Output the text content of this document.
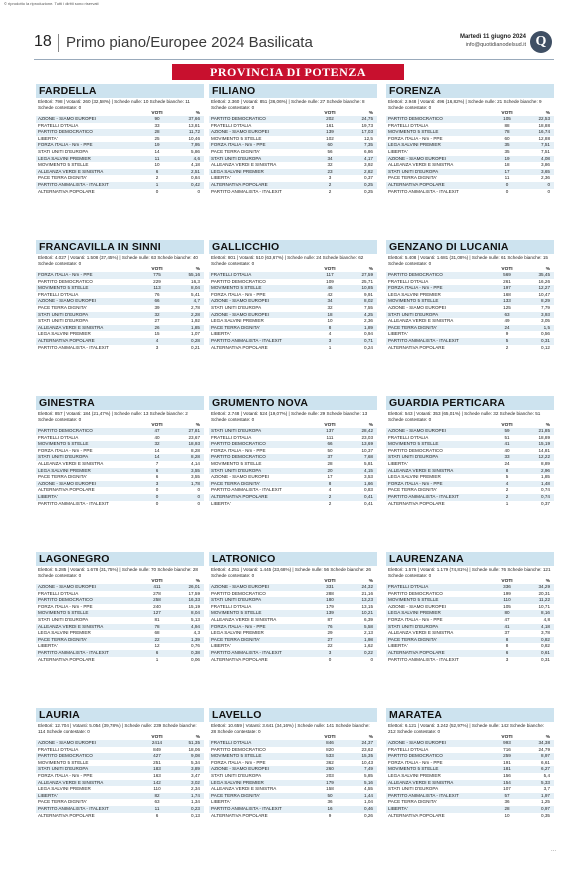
© riprodotto la riproduzione. Tutti i diritti sono riservati
18 Primo piano/Europee 2024 Basilicata	Martedì 11 giugno 2024
info@quotidianodelsud.it Q
PROVINCIA DI POTENZA
FARDELLA
Elettori: 798 | Votanti: 260 (32,58%) | Schede nulle: 10 Schede bianche: 11 Schede contestate: 0
VOTI	%
AZIONE - SIAMO EUROPEI	90	37,66
FRATELLI D'ITALIA	33	13,81
PARTITO DEMOCRATICO	28	11,72
LIBERTA'	25	10,46
FORZA ITALIA - Nm - PPE	19	7,95
STATI UNITI D'EUROPA	14	5,86
LEGA SALVINI PREMIER	11	4,6
MOVIMENTO 5 STELLE	10	4,18
ALLEANZA VERDI E SINISTRA	6	2,51
PACE TERRA DIGNITA'	2	0,84
PARTITO ANIMALISTA - ITALEXIT	1	0,42
ALTERNATIVA POPOLARE	0	0
FILIANO
Elettori: 2.360 | Votanti: 851 (36,06%) | Schede nulle: 27 Schede bianche: 8 Schede contestate: 0
VOTI	%
PARTITO DEMOCRATICO	202	24,75
FRATELLI D'ITALIA	161	19,73
AZIONE - SIAMO EUROPEI	139	17,03
MOVIMENTO 5 STELLE	102	12,5
FORZA ITALIA - Nm - PPE	60	7,35
PACE TERRA DIGNITA'	56	6,86
STATI UNITI D'EUROPA	34	4,17
ALLEANZA VERDI E SINISTRA	32	3,92
LEGA SALVINI PREMIER	23	2,82
LIBERTA'	3	0,37
ALTERNATIVA POPOLARE	2	0,25
PARTITO ANIMALISTA - ITALEXIT	2	0,25
FORENZA
Elettori: 2.948 | Votanti: 496 (16,82%) | Schede nulle: 21 Schede bianche: 9 Schede contestate: 0
VOTI	%
PARTITO DEMOCRATICO	105	22,53
FRATELLI D'ITALIA	88	18,88
MOVIMENTO 5 STELLE	78	16,74
FORZA ITALIA - Nm - PPE	60	12,88
LEGA SALVINI PREMIER	35	7,51
LIBERTA'	35	7,51
AZIONE - SIAMO EUROPEI	19	4,08
ALLEANZA VERDI E SINISTRA	18	3,86
STATI UNITI D'EUROPA	17	3,65
PACE TERRA DIGNITA'	11	2,36
ALTERNATIVA POPOLARE	0	0
PARTITO ANIMALISTA - ITALEXIT	0	0
FRANCAVILLA IN SINNI
Elettori: 4.027 | Votanti: 1.508 (37,45%) | Schede nulle: 63 Schede bianche: 40 Schede contestate: 0
VOTI	%
FORZA ITALIA - Nm - PPE	775	55,16
PARTITO DEMOCRATICO	229	16,3
MOVIMENTO 5 STELLE	113	8,04
FRATELLI D'ITALIA	76	5,41
AZIONE - SIAMO EUROPEI	66	4,7
PACE TERRA DIGNITA'	39	2,78
STATI UNITI D'EUROPA	32	2,28
STATI UNITI D'EUROPA	27	1,92
ALLEANZA VERDI E SINISTRA	26	1,85
LEGA SALVINI PREMIER	15	1,07
ALTERNATIVA POPOLARE	4	0,28
PARTITO ANIMALISTA - ITALEXIT	3	0,21
GALLICCHIO
Elettori: 801 | Votanti: 510 (63,67%) | Schede nulle: 24 Schede bianche: 62 Schede contestate: 0
VOTI	%
FRATELLI D'ITALIA	117	27,59
PARTITO DEMOCRATICO	109	25,71
MOVIMENTO 5 STELLE	46	10,85
FORZA ITALIA - Nm - PPE	42	9,91
AZIONE - SIAMO EUROPEI	34	8,02
STATI UNITI D'EUROPA	32	7,55
AZIONE - SIAMO EUROPEI	18	4,25
LEGA SALVINI PREMIER	10	2,36
PACE TERRA DIGNITA'	8	1,89
LIBERTA'	4	0,94
PARTITO ANIMALISTA - ITALEXIT	3	0,71
ALTERNATIVA POPOLARE	1	0,24
GENZANO DI LUCANIA
Elettori: 5.408 | Votanti: 1.681 (31,08%) | Schede nulle: 61 Schede bianche: 15 Schede contestate: 0
VOTI	%
PARTITO DEMOCRATICO	569	35,45
FRATELLI D'ITALIA	261	16,26
FORZA ITALIA - Nm - PPE	197	12,27
LEGA SALVINI PREMIER	168	10,47
MOVIMENTO 5 STELLE	133	8,29
AZIONE - SIAMO EUROPEI	125	7,79
STATI UNITI D'EUROPA	63	3,93
ALLEANZA VERDI E SINISTRA	49	3,05
PACE TERRA DIGNITA'	24	1,5
LIBERTA'	9	0,56
PARTITO ANIMALISTA - ITALEXIT	5	0,31
ALTERNATIVA POPOLARE	2	0,12
GINESTRA
Elettori: 857 | Votanti: 184 (21,47%) | Schede nulle: 13 Schede bianche: 2 Schede contestate: 0
VOTI	%
PARTITO DEMOCRATICO	47	27,81
FRATELLI D'ITALIA	40	23,67
MOVIMENTO 5 STELLE	32	18,93
FORZA ITALIA - Nm - PPE	14	8,28
STATI UNITI D'EUROPA	14	8,28
ALLEANZA VERDI E SINISTRA	7	4,14
LEGA SALVINI PREMIER	6	3,55
PACE TERRA DIGNITA'	6	3,55
AZIONE - SIAMO EUROPEI	3	1,78
ALTERNATIVA POPOLARE	0	0
LIBERTA'	0	0
PARTITO ANIMALISTA - ITALEXIT	0	0
GRUMENTO NOVA
Elettori: 2.748 | Votanti: 524 (19,07%) | Schede nulle: 29 Schede bianche: 13 Schede contestate: 0
VOTI	%
STATI UNITI D'EUROPA	137	28,42
FRATELLI D'ITALIA	111	23,03
PARTITO DEMOCRATICO	66	13,69
FORZA ITALIA - Nm - PPE	50	10,37
PARTITO DEMOCRATICO	37	7,68
MOVIMENTO 5 STELLE	28	5,81
STATI UNITI D'EUROPA	20	4,15
AZIONE - SIAMO EUROPEI	17	3,53
PACE TERRA DIGNITA'	8	1,66
PARTITO ANIMALISTA - ITALEXIT	4	0,83
ALTERNATIVA POPOLARE	2	0,41
LIBERTA'	2	0,41
GUARDIA PERTICARA
Elettori: 543 | Votanti: 353 (65,01%) | Schede nulle: 32 Schede bianche: 51 Schede contestate: 0
VOTI	%
AZIONE - SIAMO EUROPEI	59	21,85
FRATELLI D'ITALIA	51	18,89
MOVIMENTO 5 STELLE	41	15,19
PARTITO DEMOCRATICO	40	14,81
STATI UNITI D'EUROPA	33	12,22
LIBERTA'	24	8,89
ALLEANZA VERDI E SINISTRA	8	2,96
LEGA SALVINI PREMIER	5	1,85
FORZA ITALIA - Nm - PPE	4	1,48
PACE TERRA DIGNITA'	2	0,74
PARTITO ANIMALISTA - ITALEXIT	2	0,74
ALTERNATIVA POPOLARE	1	0,37
LAGONEGRO
Elettori: 5.285 | Votanti: 1.678 (31,75%) | Schede nulle: 70 Schede bianche: 28 Schede contestate: 0
VOTI	%
AZIONE - SIAMO EUROPEI	411	26,01
FRATELLI D'ITALIA	278	17,59
PARTITO DEMOCRATICO	258	16,33
FORZA ITALIA - Nm - PPE	240	15,19
MOVIMENTO 5 STELLE	127	8,04
STATI UNITI D'EUROPA	81	5,13
ALLEANZA VERDI E SINISTRA	78	4,94
LEGA SALVINI PREMIER	68	4,3
PACE TERRA DIGNITA'	22	1,39
LIBERTA'	12	0,76
PARTITO ANIMALISTA - ITALEXIT	6	0,38
ALTERNATIVA POPOLARE	1	0,06
LATRONICO
Elettori: 4.251 | Votanti: 1.445 (33,68%) | Schede nulle: 56 Schede bianche: 26 Schede contestate: 0
VOTI	%
AZIONE - SIAMO EUROPEI	331	24,32
PARTITO DEMOCRATICO	288	21,16
STATI UNITI D'EUROPA	180	13,23
FRATELLI D'ITALIA	179	13,15
MOVIMENTO 5 STELLE	139	10,21
ALLEANZA VERDI E SINISTRA	87	6,39
FORZA ITALIA - Nm - PPE	76	5,58
LEGA SALVINI PREMIER	29	2,13
PACE TERRA DIGNITA'	27	1,98
LIBERTA'	22	1,62
PARTITO ANIMALISTA - ITALEXIT	3	0,22
ALTERNATIVA POPOLARE	0	0
LAURENZANA
Elettori: 1.576 | Votanti: 1.179 (74,81%) | Schede nulle: 76 Schede bianche: 121 Schede contestate: 0
VOTI	%
FRATELLI D'ITALIA	336	34,29
PARTITO DEMOCRATICO	199	20,31
MOVIMENTO 5 STELLE	110	11,22
AZIONE - SIAMO EUROPEI	105	10,71
LEGA SALVINI PREMIER	80	8,16
FORZA ITALIA - Nm - PPE	47	4,8
STATI UNITI D'EUROPA	41	4,18
ALLEANZA VERDI E SINISTRA	37	3,78
PACE TERRA DIGNITA'	8	0,82
LIBERTA'	8	0,82
ALTERNATIVA POPOLARE	6	0,61
PARTITO ANIMALISTA - ITALEXIT	3	0,31
LAURIA
Elettori: 12.704 | Votanti: 5.054 (39,78%) | Schede nulle: 239 Schede bianche: 114 Schede contestate: 0
VOTI	%
AZIONE - SIAMO EUROPEI	2414	51,35
FRATELLI D'ITALIA	849	18,06
PARTITO DEMOCRATICO	427	9,08
MOVIMENTO 5 STELLE	251	5,34
STATI UNITI D'EUROPA	183	3,89
FORZA ITALIA - Nm - PPE	163	3,47
ALLEANZA VERDI E SINISTRA	142	3,02
LEGA SALVINI PREMIER	110	2,34
LIBERTA'	82	1,74
PACE TERRA DIGNITA'	63	1,34
PARTITO ANIMALISTA - ITALEXIT	11	0,23
ALTERNATIVA POPOLARE	6	0,13
LAVELLO
Elettori: 10.659 | Votanti: 3.641 (34,16%) | Schede nulle: 141 Schede bianche: 28 Schede contestate: 0
VOTI	%
FRATELLI D'ITALIA	846	24,37
PARTITO DEMOCRATICO	820	23,62
MOVIMENTO 5 STELLE	533	15,35
FORZA ITALIA - Nm - PPE	362	10,43
AZIONE - SIAMO EUROPEI	260	7,49
STATI UNITI D'EUROPA	203	5,85
LEGA SALVINI PREMIER	179	5,16
ALLEANZA VERDI E SINISTRA	158	4,55
PACE TERRA DIGNITA'	50	1,44
LIBERTA'	36	1,04
PARTITO ANIMALISTA - ITALEXIT	16	0,46
ALTERNATIVA POPOLARE	9	0,26
MARATEA
Elettori: 6.121 | Votanti: 3.242 (52,97%) | Schede nulle: 142 Schede bianche: 212 Schede contestate: 0
VOTI	%
AZIONE - SIAMO EUROPEI	993	34,38
FRATELLI D'ITALIA	716	24,79
PARTITO DEMOCRATICO	259	8,97
FORZA ITALIA - Nm - PPE	191	6,61
MOVIMENTO 5 STELLE	181	6,27
LEGA SALVINI PREMIER	156	5,4
ALLEANZA VERDI E SINISTRA	154	5,33
STATI UNITI D'EUROPA	107	3,7
PARTITO ANIMALISTA - ITALEXIT	57	1,97
PACE TERRA DIGNITA'	36	1,25
LIBERTA'	28	0,97
ALTERNATIVA POPOLARE	10	0,35
···
